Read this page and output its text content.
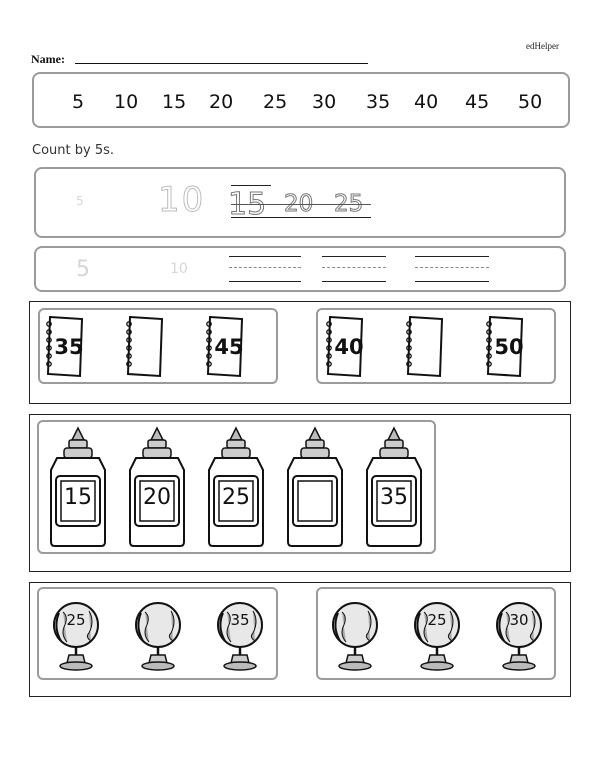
edHelper
Name:
5 10 15 20 25 30 35 40 45 50
Count by 5s.
5 10 15 20 25
5	10
35	45	40	50
15 20 25	35
25	35	25	30
